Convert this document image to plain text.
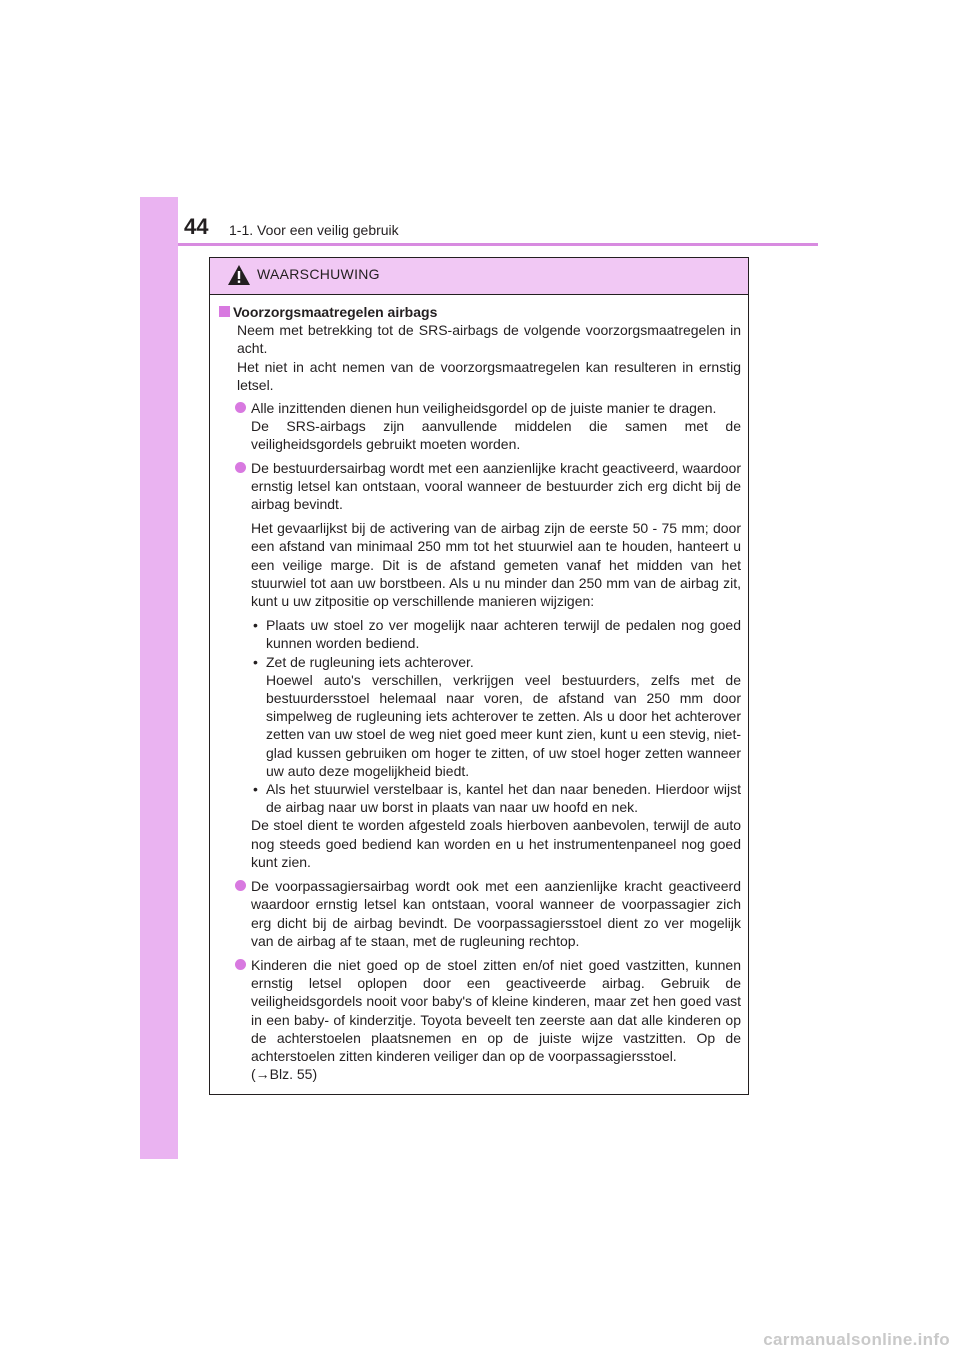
44 1-1. Voor een veilig gebruik
WAARSCHUWING
Voorzorgsmaatregelen airbags

Neem met betrekking tot de SRS-airbags de volgende voorzorgsmaatregelen in acht.

Het niet in acht nemen van de voorzorgsmaatregelen kan resulteren in ernstig letsel.

Alle inzittenden dienen hun veiligheidsgordel op de juiste manier te dragen.

De SRS-airbags zijn aanvullende middelen die samen met de veiligheidsgordels gebruikt moeten worden.

De bestuurdersairbag wordt met een aanzienlijke kracht geactiveerd, waardoor ernstig letsel kan ontstaan, vooral wanneer de bestuurder zich erg dicht bij de airbag bevindt.

Het gevaarlijkst bij de activering van de airbag zijn de eerste 50 - 75 mm; door een afstand van minimaal 250 mm tot het stuurwiel aan te houden, hanteert u een veilige marge. Dit is de afstand gemeten vanaf het midden van het stuurwiel tot aan uw borstbeen. Als u nu minder dan 250 mm van de airbag zit, kunt u uw zitpositie op verschillende manieren wijzigen:

• Plaats uw stoel zo ver mogelijk naar achteren terwijl de pedalen nog goed kunnen worden bediend.

• Zet de rugleuning iets achterover.

Hoewel auto's verschillen, verkrijgen veel bestuurders, zelfs met de bestuurdersstoel helemaal naar voren, de afstand van 250 mm door simpelweg de rugleuning iets achterover te zetten. Als u door het achterover zetten van uw stoel de weg niet goed meer kunt zien, kunt u een stevig, niet-glad kussen gebruiken om hoger te zitten, of uw stoel hoger zetten wanneer uw auto deze mogelijkheid biedt.

• Als het stuurwiel verstelbaar is, kantel het dan naar beneden. Hierdoor wijst de airbag naar uw borst in plaats van naar uw hoofd en nek.

De stoel dient te worden afgesteld zoals hierboven aanbevolen, terwijl de auto nog steeds goed bediend kan worden en u het instrumentenpaneel nog goed kunt zien.

De voorpassagiersairbag wordt ook met een aanzienlijke kracht geactiveerd waardoor ernstig letsel kan ontstaan, vooral wanneer de voorpassagier zich erg dicht bij de airbag bevindt. De voorpassagiersstoel dient zo ver mogelijk van de airbag af te staan, met de rugleuning rechtop.

Kinderen die niet goed op de stoel zitten en/of niet goed vastzitten, kunnen ernstig letsel oplopen door een geactiveerde airbag. Gebruik de veiligheidsgordels nooit voor baby's of kleine kinderen, maar zet hen goed vast in een baby- of kinderzitje. Toyota beveelt ten zeerste aan dat alle kinderen op de achterstoelen plaatsnemen en op de juiste wijze vastzitten. Op de achterstoelen zitten kinderen veiliger dan op de voorpassagiersstoel.

(→Blz. 55)

carmanualsonline.info
